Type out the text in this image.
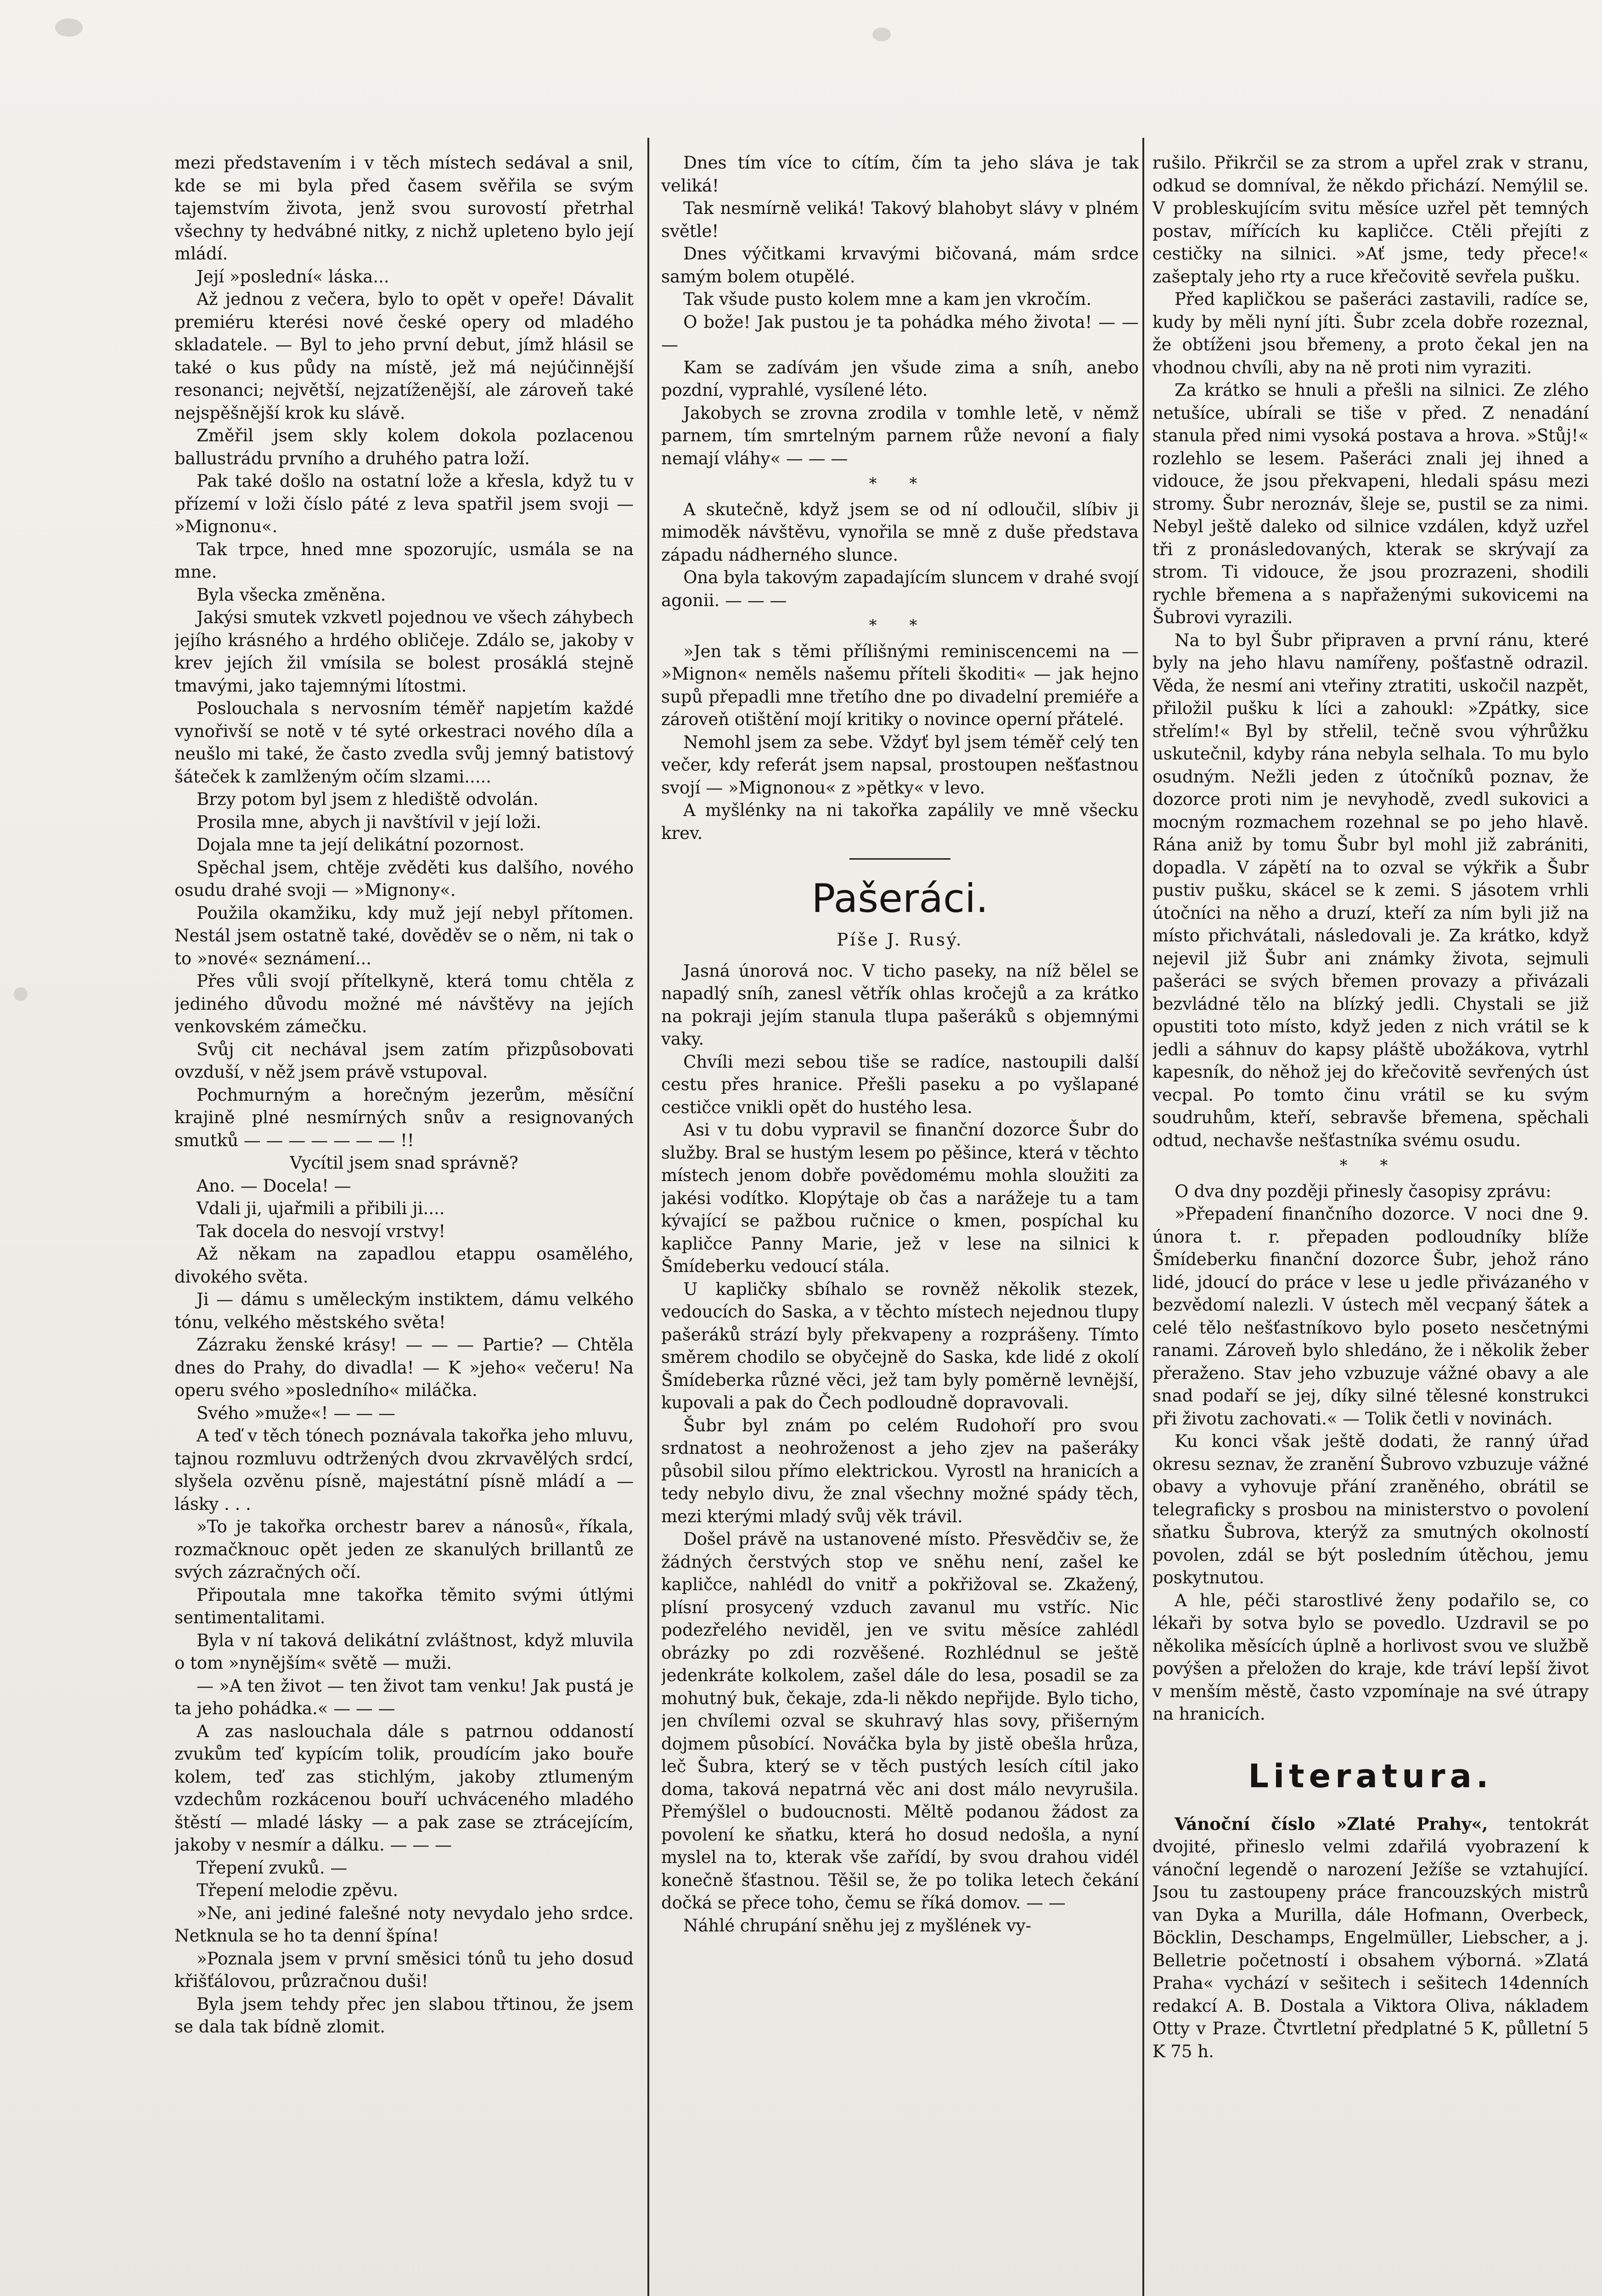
mezi představením i v těch místech sedával a snil, kde se mi byla před časem svěřila se svým tajemstvím života, jenž svou surovostí přetrhal všechny ty hedvábné nitky, z nichž upleteno bylo její mládí.

Její »poslední« láska...

Až jednou z večera, bylo to opět v opeře! Dávalit premiéru kterési nové české opery od mladého skladatele. — Byl to jeho první debut, jímž hlásil se také o kus půdy na místě, jež má nejúčinnější resonanci; největší, nejzatíženější, ale zároveň také nejspěšnější krok ku slávě.

Změřil jsem skly kolem dokola pozlacenou ballustrádu prvního a druhého patra loží.

Pak také došlo na ostatní lože a křesla, když tu v přízemí v loži číslo páté z leva spatřil jsem svoji — »Mignonu«.

Tak trpce, hned mne spozorujíc, usmála se na mne.

Byla všecka změněna.

Jakýsi smutek vzkvetl pojednou ve všech záhybech jejího krásného a hrdého obličeje. Zdálo se, jakoby v krev jejích žil vmísila se bolest prosáklá stejně tmavými, jako tajemnými lítostmi.

Poslouchala s nervosním téměř napjetím každé vynořivší se notě v té syté orkestraci nového díla a neušlo mi také, že často zvedla svůj jemný batistový šáteček k zamlženým očím slzami.....

Brzy potom byl jsem z hlediště odvolán.

Prosila mne, abych ji navštívil v její loži.

Dojala mne ta její delikátní pozornost.

Spěchal jsem, chtěje zvěděti kus dalšího, nového osudu drahé svoji — »Mignony«.

Použila okamžiku, kdy muž její nebyl přítomen. Nestál jsem ostatně také, dověděv se o něm, ni tak o to »nové« seznámení...

Přes vůli svojí přítelkyně, která tomu chtěla z jediného důvodu možné mé návštěvy na jejích venkovském zámečku.

Svůj cit nechával jsem zatím přizpůsobovati ovzduší, v něž jsem právě vstupoval.

Pochmurným a horečným jezerům, měsíční krajině plné nesmírných snův a resignovaných smutků — — — — — — — !!

Vycítil jsem snad správně?

Ano. — Docela! —

Vdali ji, ujařmili a přibili ji....

Tak docela do nesvojí vrstvy!

Až někam na zapadlou etappu osamělého, divokého světa.

Ji — dámu s uměleckým instiktem, dámu velkého tónu, velkého městského světa!

Zázraku ženské krásy! — — — Partie? — Chtěla dnes do Prahy, do divadla! — K »jeho« večeru! Na operu svého »posledního« miláčka.

Svého »muže«! — — —

A teď v těch tónech poznávala takořka jeho mluvu, tajnou rozmluvu odtržených dvou zkrvavělých srdcí, slyšela ozvěnu písně, majestátní písně mládí a — lásky . . .

»To je takořka orchestr barev a nánosů«, říkala, rozmačknouc opět jeden ze skanulých brillantů ze svých zázračných očí.

Připoutala mne takořka těmito svými útlými sentimentalitami.

Byla v ní taková delikátní zvláštnost, když mluvila o tom »nynějším« světě — muži.

— »A ten život — ten život tam venku! Jak pustá je ta jeho pohádka.« — — —

A zas naslouchala dále s patrnou oddaností zvukům teď kypícím tolik, proudícím jako bouře kolem, teď zas stichlým, jakoby ztlumeným vzdechům rozkácenou bouří uchváceného mladého štěstí — mladé lásky — a pak zase se ztrácejícím, jakoby v nesmír a dálku. — — —

Třepení zvuků. —

Třepení melodie zpěvu.

»Ne, ani jediné falešné noty nevydalo jeho srdce. Netknula se ho ta denní špína!

»Poznala jsem v první směsici tónů tu jeho dosud křišťálovou, průzračnou duši!

Byla jsem tehdy přec jen slabou třtinou, že jsem se dala tak bídně zlomit.

Dnes tím více to cítím, čím ta jeho sláva je tak veliká!

Tak nesmírně veliká! Takový blahobyt slávy v plném světle!

Dnes výčitkami krvavými bičovaná, mám srdce samým bolem otupělé.

Tak všude pusto kolem mne a kam jen vkročím.

O bože! Jak pustou je ta pohádka mého života! — — —

Kam se zadívám jen všude zima a sníh, anebo pozdní, vyprahlé, vysílené léto.

Jakobych se zrovna zrodila v tomhle letě, v němž parnem, tím smrtelným parnem růže nevoní a fialy nemají vláhy« — — —

* *

A skutečně, když jsem se od ní odloučil, slíbiv ji mimoděk návštěvu, vynořila se mně z duše představa západu nádherného slunce.

Ona byla takovým zapadajícím sluncem v drahé svojí agonii. — — —

* *

»Jen tak s těmi přílišnými reminiscencemi na — »Mignon« neměls našemu příteli škoditi« — jak hejno supů přepadli mne třetího dne po divadelní premiéře a zároveň otištění mojí kritiky o novince operní přátelé.

Nemohl jsem za sebe. Vždyť byl jsem téměř celý ten večer, kdy referát jsem napsal, prostoupen nešťastnou svojí — »Mignonou« z »pětky« v levo.

A myšlénky na ni takořka zapálily ve mně všecku krev.

Pašeráci.
Píše J. Rusý.

Jasná únorová noc. V ticho paseky, na níž bělel se napadlý sníh, zanesl větřík ohlas kročejů a za krátko na pokraji jejím stanula tlupa pašeráků s objemnými vaky.

Chvíli mezi sebou tiše se radíce, nastoupili další cestu přes hranice. Přešli paseku a po vyšlapané cestičce vnikli opět do hustého lesa.

Asi v tu dobu vypravil se finanční dozorce Šubr do služby. Bral se hustým lesem po pěšince, která v těchto místech jenom dobře povědomému mohla sloužiti za jakési vodítko. Klopýtaje ob čas a narážeje tu a tam kývající se pažbou ručnice o kmen, pospíchal ku kapličce Panny Marie, jež v lese na silnici k Šmídeberku vedoucí stála.

U kapličky sbíhalo se rovněž několik stezek, vedoucích do Saska, a v těchto místech nejednou tlupy pašeráků strází byly překvapeny a rozprášeny. Tímto směrem chodilo se obyčejně do Saska, kde lidé z okolí Šmídeberka různé věci, jež tam byly poměrně levnější, kupovali a pak do Čech podloudně dopravovali.

Šubr byl znám po celém Rudohoří pro svou srdnatost a neohroženost a jeho zjev na pašeráky působil silou přímo elektrickou. Vyrostl na hranicích a tedy nebylo divu, že znal všechny možné spády těch, mezi kterými mladý svůj věk trávil.

Došel právě na ustanovené místo. Přesvědčiv se, že žádných čerstvých stop ve sněhu není, zašel ke kapličce, nahlédl do vnitř a pokřižoval se. Zkažený, plísní prosycený vzduch zavanul mu vstříc. Nic podezřelého neviděl, jen ve svitu měsíce zahlédl obrázky po zdi rozvěšené. Rozhlédnul se ještě jedenkráte kolkolem, zašel dále do lesa, posadil se za mohutný buk, čekaje, zda-li někdo nepřijde. Bylo ticho, jen chvílemi ozval se skuhravý hlas sovy, přišerným dojmem působící. Nováčka byla by jistě obešla hrůza, leč Šubra, který se v těch pustých lesích cítil jako doma, taková nepatrná věc ani dost málo nevyrušila. Přemýšlel o budoucnosti. Měltě podanou žádost za povolení ke sňatku, která ho dosud nedošla, a nyní myslel na to, kterak vše zařídí, by svou drahou vidél konečně šťastnou. Těšil se, že po tolika letech čekání dočká se přece toho, čemu se říká domov. — —

Náhlé chrupání sněhu jej z myšlének vy-

rušilo. Přikrčil se za strom a upřel zrak v stranu, odkud se domníval, že někdo přichází. Nemýlil se. V probleskujícím svitu měsíce uzřel pět temných postav, mířících ku kapličce. Ctěli přejíti z cestičky na silnici. »Ať jsme, tedy přece!« zašeptaly jeho rty a ruce křečovitě sevřela pušku.

Před kapličkou se pašeráci zastavili, radíce se, kudy by měli nyní jíti. Šubr zcela dobře rozeznal, že obtíženi jsou břemeny, a proto čekal jen na vhodnou chvíli, aby na ně proti nim vyraziti.

Za krátko se hnuli a přešli na silnici. Ze zlého netušíce, ubírali se tiše v před. Z nenadání stanula před nimi vysoká postava a hrova. »Stůj!« rozlehlo se lesem. Pašeráci znali jej ihned a vidouce, že jsou překvapeni, hledali spásu mezi stromy. Šubr neroznáv, šleje se, pustil se za nimi. Nebyl ještě daleko od silnice vzdálen, když uzřel tři z pronásledovaných, kterak se skrývají za strom. Ti vidouce, že jsou prozrazeni, shodili rychle břemena a s napřaženými sukovicemi na Šubrovi vyrazili.

Na to byl Šubr připraven a první ránu, které byly na jeho hlavu namířeny, pošťastně odrazil. Věda, že nesmí ani vteřiny ztratiti, uskočil nazpět, přiložil pušku k líci a zahoukl: »Zpátky, sice střelím!« Byl by střelil, tečně svou výhrůžku uskutečnil, kdyby rána nebyla selhala. To mu bylo osudným. Nežli jeden z útočníků poznav, že dozorce proti nim je nevyhodě, zvedl sukovici a mocným rozmachem rozehnal se po jeho hlavě. Rána aniž by tomu Šubr byl mohl již zabrániti, dopadla. V zápětí na to ozval se výkřik a Šubr pustiv pušku, skácel se k zemi. S jásotem vrhli útočníci na něho a druzí, kteří za ním byli již na místo přichvátali, následovali je. Za krátko, když nejevil již Šubr ani známky života, sejmuli pašeráci se svých břemen provazy a přivázali bezvládné tělo na blízký jedli. Chystali se již opustiti toto místo, když jeden z nich vrátil se k jedli a sáhnuv do kapsy pláště ubožákova, vytrhl kapesník, do něhož jej do křečovitě sevřených úst vecpal. Po tomto činu vrátil se ku svým soudruhům, kteří, sebravše břemena, spěchali odtud, nechavše nešťastníka svému osudu.

* *

O dva dny později přinesly časopisy zprávu:

»Přepadení finančního dozorce. V noci dne 9. února t. r. přepaden podloudníky blíže Šmídeberku finanční dozorce Šubr, jehož ráno lidé, jdoucí do práce v lese u jedle přivázaného v bezvědomí nalezli. V ústech měl vecpaný šátek a celé tělo nešťastníkovo bylo poseto nesčetnými ranami. Zároveň bylo shledáno, že i několik žeber přeraženo. Stav jeho vzbuzuje vážné obavy a ale snad podaří se jej, díky silné tělesné konstrukci při životu zachovati.« — Tolik četli v novinách.

Ku konci však ještě dodati, že ranný úřad okresu seznav, že zranění Šubrovo vzbuzuje vážné obavy a vyhovuje přání zraněného, obrátil se telegraficky s prosbou na ministerstvo o povolení sňatku Šubrova, kterýž za smutných okolností povolen, zdál se být posledním útěchou, jemu poskytnutou.

A hle, péči starostlivé ženy podařilo se, co lékaři by sotva bylo se povedlo. Uzdravil se po několika měsících úplně a horlivost svou ve službě povýšen a přeložen do kraje, kde tráví lepší život v menším městě, často vzpomínaje na své útrapy na hranicích.

Literatura.

Vánoční číslo »Zlaté Prahy«, tentokrát dvojité, přineslo velmi zdařilá vyobrazení k vánoční legendě o narození Ježíše se vztahující. Jsou tu zastoupeny práce francouzských mistrů van Dyka a Murilla, dále Hofmann, Overbeck, Böcklin, Deschamps, Engelmüller, Liebscher, a j. Belletrie početností i obsahem výborná. »Zlatá Praha« vychází v sešitech i sešitech 14denních redakcí A. B. Dostala a Viktora Oliva, nákladem Otty v Praze. Čtvrtletní předplatné 5 K, půlletní 5 K 75 h.
